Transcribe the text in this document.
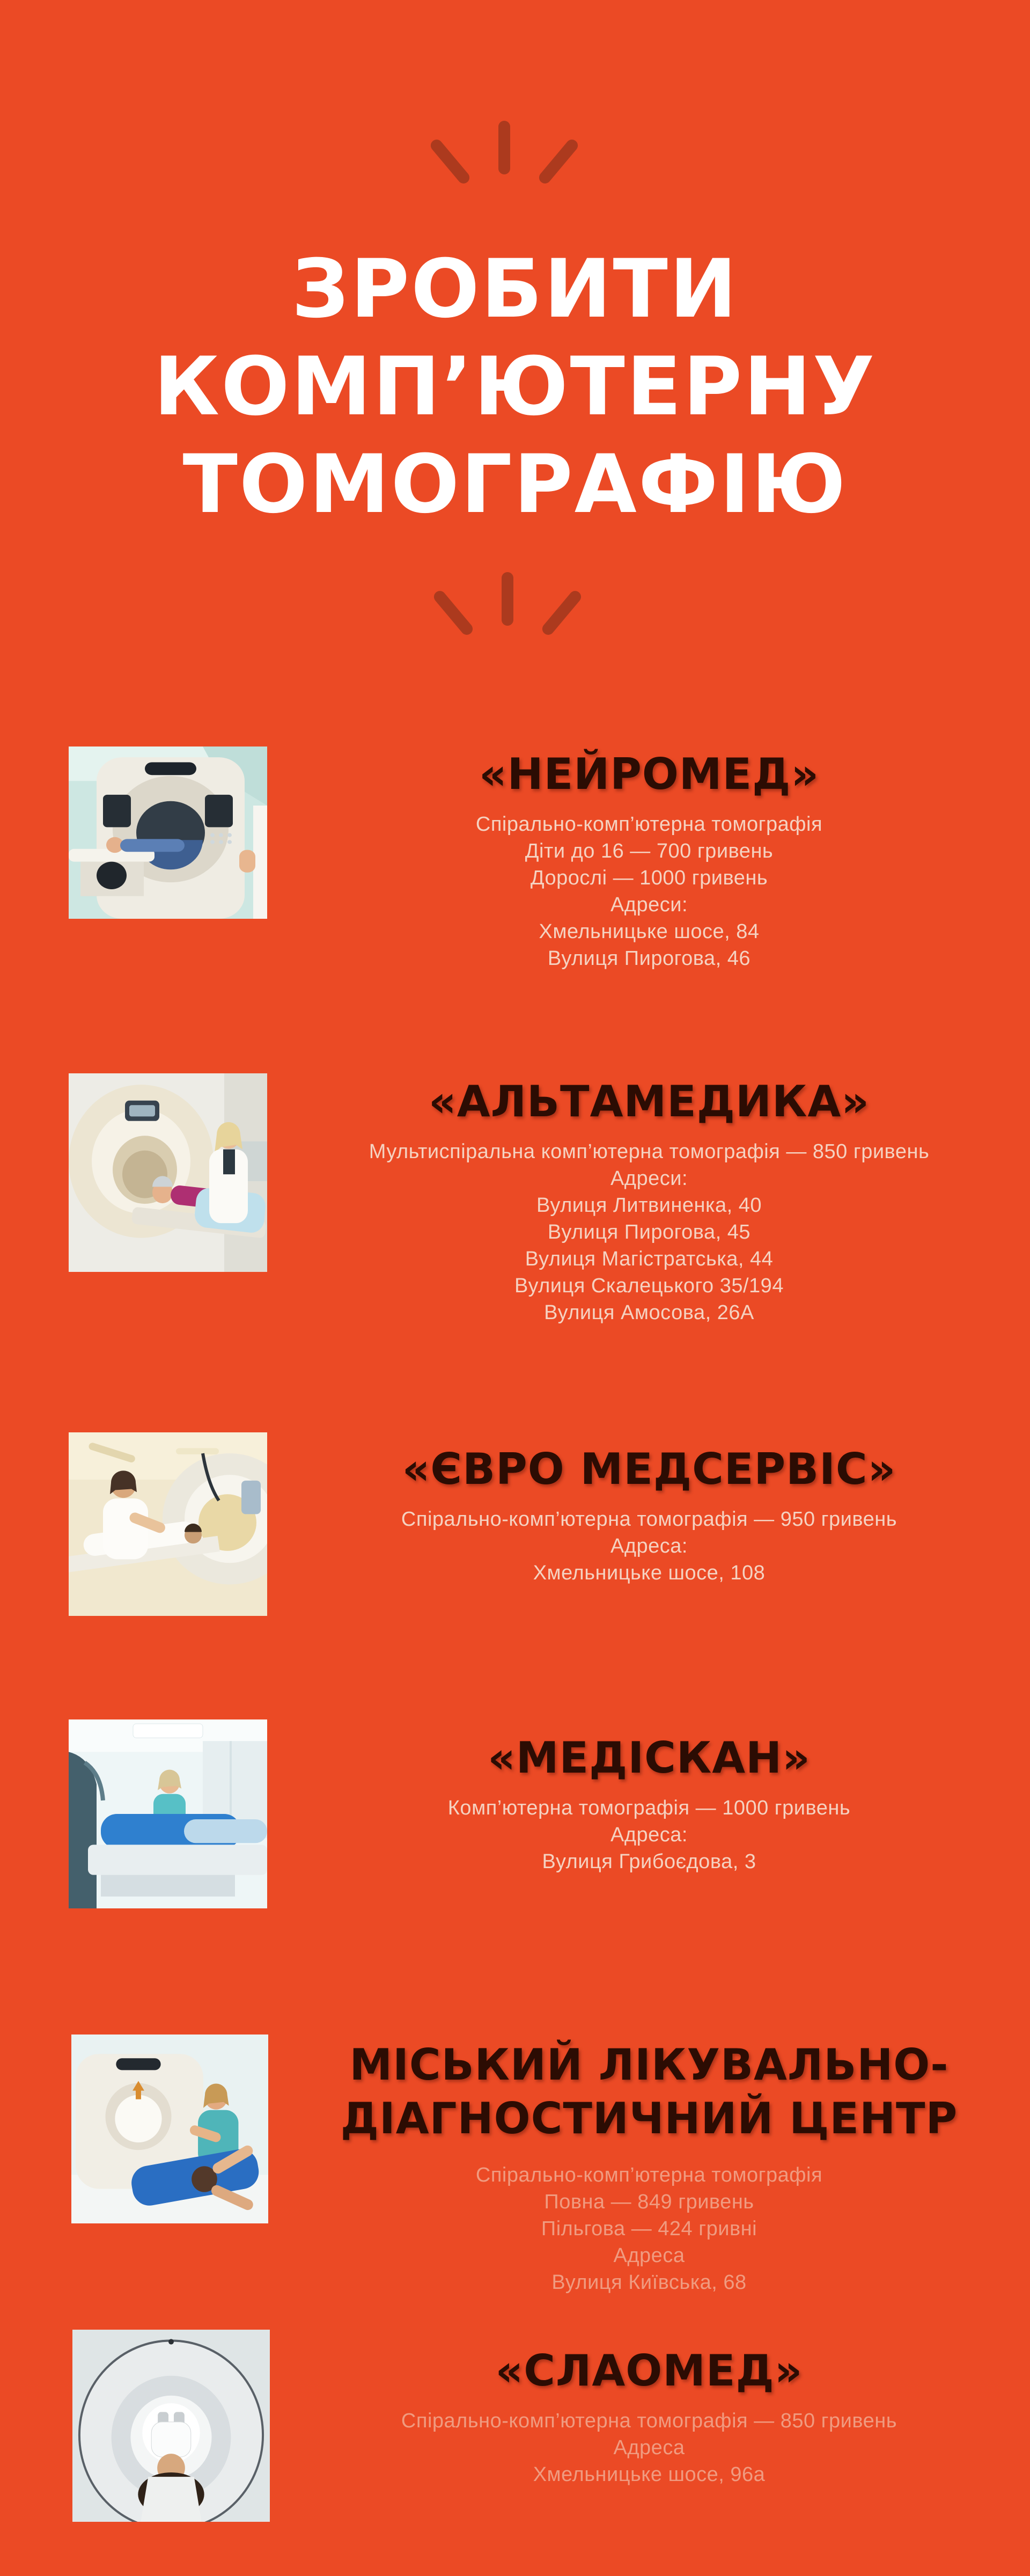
ЗРОБИТИ
КОМП’ЮТЕРНУ
ТОМОГРАФІЮ
«НЕЙРОМЕД»

Спірально-комп’ютерна томографія

Діти до 16 — 700 гривень

Дорослі — 1000 гривень

Адреси:

Хмельницьке шосе, 84

Вулиця Пирогова, 46

«АЛЬТАМЕДИКА»

Мультиспіральна комп’ютерна томографія — 850 гривень

Адреси:

Вулиця Литвиненка, 40

Вулиця Пирогова, 45

Вулиця Магістратська, 44

Вулиця Скалецького 35/194

Вулиця Амосова, 26А

«ЄВРО МЕДСЕРВІС»

Спірально-комп’ютерна томографія — 950 гривень

Адреса:

Хмельницьке шосе, 108

«МЕДІСКАН»

Комп’ютерна томографія — 1000 гривень

Адреса:

Вулиця Грибоєдова, 3

МІСЬКИЙ ЛІКУВАЛЬНО-
ДІАГНОСТИЧНИЙ ЦЕНТР

Спірально-комп’ютерна томографія

Повна — 849 гривень

Пільгова — 424 гривні

Адреса

Вулиця Київська, 68

«СЛАОМЕД»

Спірально-комп’ютерна томографія — 850 гривень

Адреса

Хмельницьке шосе, 96а
